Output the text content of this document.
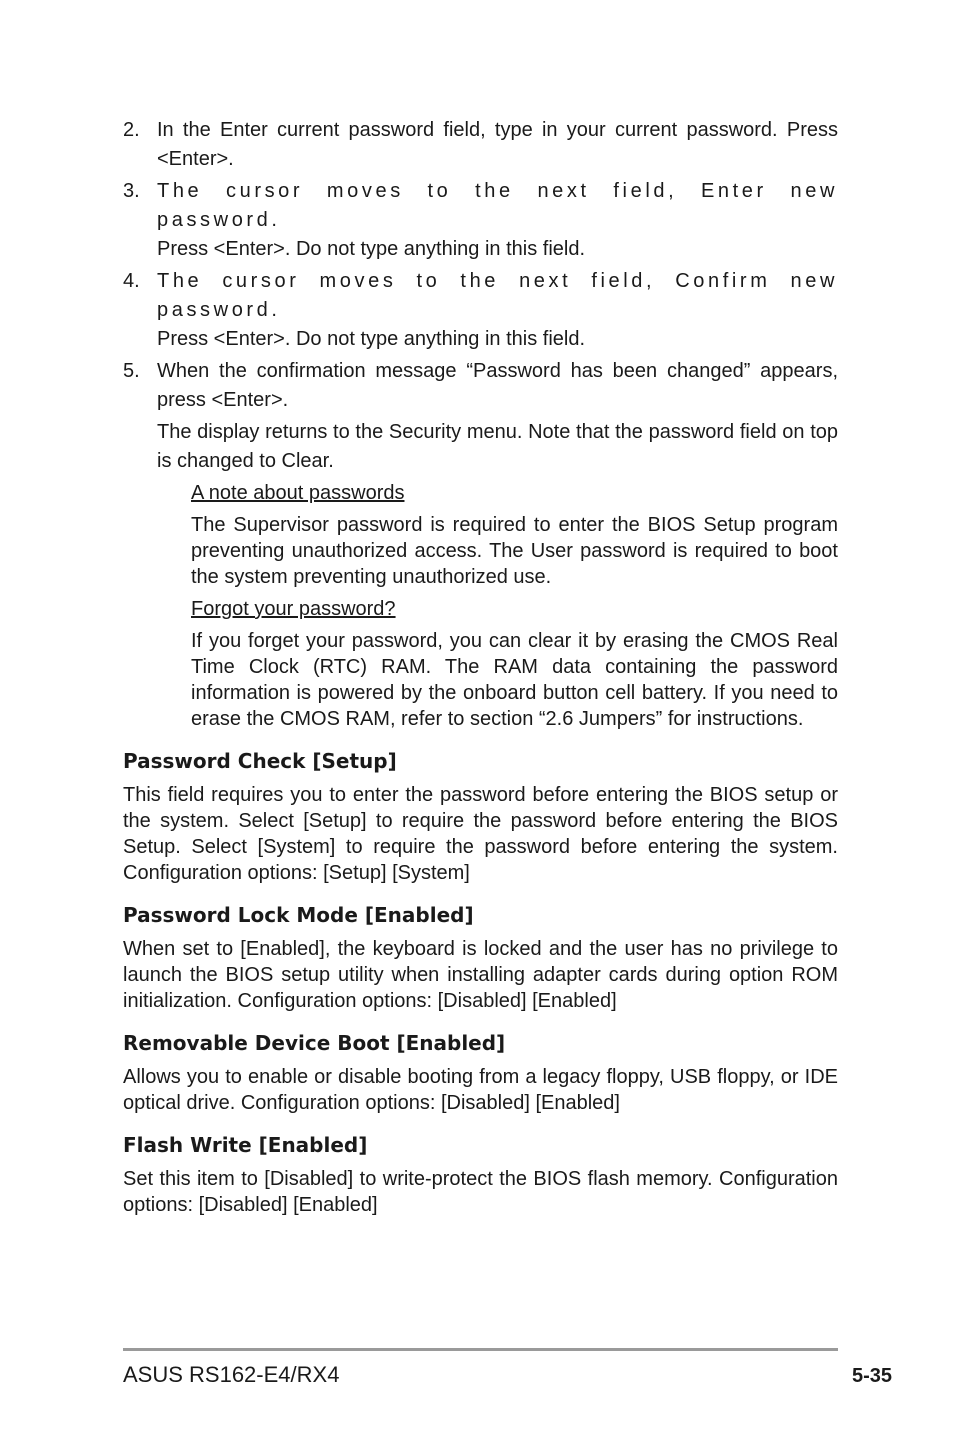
2. In the Enter current password field, type in your current password. Press <Enter>.
3. The cursor moves to the next field, Enter new password.
Press <Enter>. Do not type anything in this field.
4. The cursor moves to the next field, Confirm new password.
Press <Enter>. Do not type anything in this field.
5. When the confirmation message “Password has been changed” appears, press <Enter>.
The display returns to the Security menu. Note that the password field on top is changed to Clear.
A note about passwords
The Supervisor password is required to enter the BIOS Setup program preventing unauthorized access. The User password is required to boot the system preventing unauthorized use.
Forgot your password?
If you forget your password, you can clear it by erasing the CMOS Real Time Clock (RTC) RAM. The RAM data containing the password information is powered by the onboard button cell battery. If you need to erase the CMOS RAM, refer to section “2.6 Jumpers” for instructions.
Password Check [Setup]

This field requires you to enter the password before entering the BIOS setup or the system. Select [Setup] to require the password before entering the BIOS Setup. Select [System] to require the password before entering the system. Configuration options: [Setup] [System]

Password Lock Mode [Enabled]

When set to [Enabled], the keyboard is locked and the user has no privilege to launch the BIOS setup utility when installing adapter cards during option ROM initialization. Configuration options: [Disabled] [Enabled]

Removable Device Boot [Enabled]

Allows you to enable or disable booting from a legacy floppy, USB floppy, or IDE optical drive. Configuration options: [Disabled] [Enabled]

Flash Write [Enabled]

Set this item to [Disabled] to write-protect the BIOS flash memory. Configuration options: [Disabled] [Enabled]

ASUS RS162-E4/RX4	5-35
